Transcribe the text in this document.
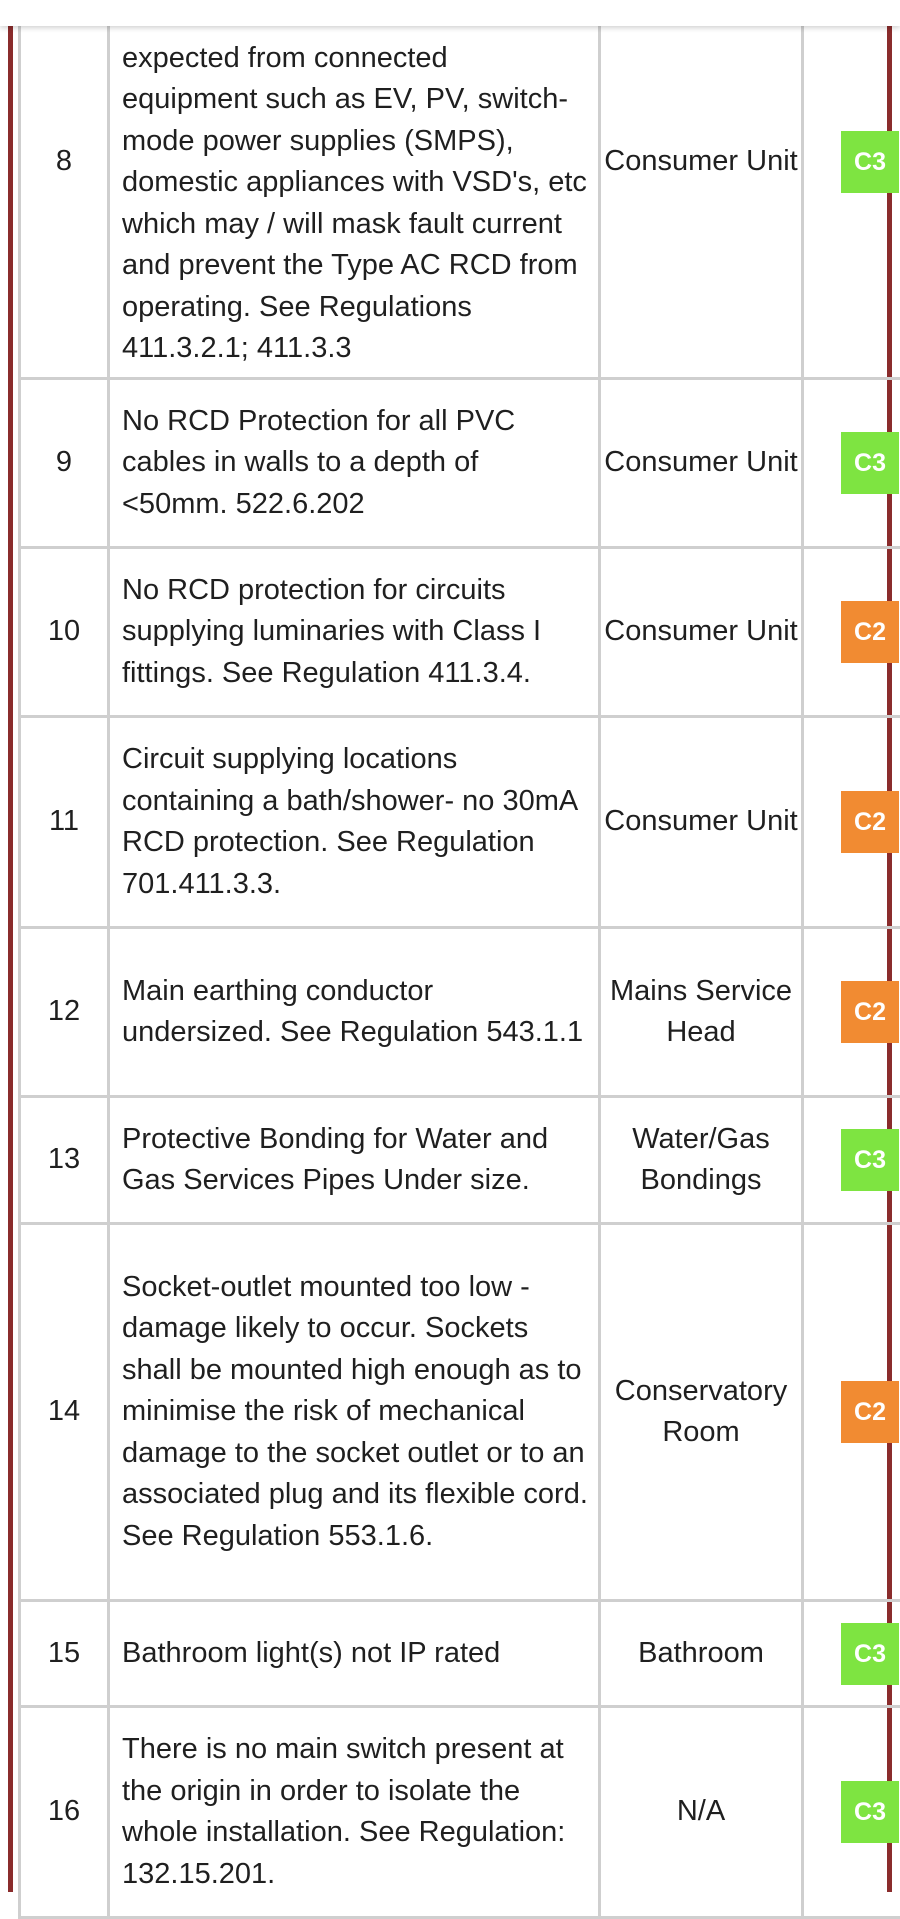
8	expected from connected equipment such as EV, PV, switch-mode power supplies (SMPS), domestic appliances with VSD's, etc which may / will mask fault current and prevent the Type AC RCD from operating. See Regulations 411.3.2.1; 411.3.3	Consumer Unit	C3
9	No RCD Protection for all PVC cables in walls to a depth of <50mm. 522.6.202	Consumer Unit	C3
10	No RCD protection for circuits supplying luminaries with Class I fittings. See Regulation 411.3.4.	Consumer Unit	C2
11	Circuit supplying locations containing a bath/shower- no 30mA RCD protection. See Regulation 701.411.3.3.	Consumer Unit	C2
12	Main earthing conductor undersized. See Regulation 543.1.1	Mains Service Head	C2
13	Protective Bonding for Water and Gas Services Pipes Under size.	Water/Gas Bondings	C3
14	Socket-outlet mounted too low - damage likely to occur. Sockets shall be mounted high enough as to minimise the risk of mechanical damage to the socket outlet or to an associated plug and its flexible cord. See Regulation 553.1.6.	Conservatory Room	C2
15	Bathroom light(s) not IP rated	Bathroom	C3
16	There is no main switch present at the origin in order to isolate the whole installation. See Regulation: 132.15.201.	N/A	C3
